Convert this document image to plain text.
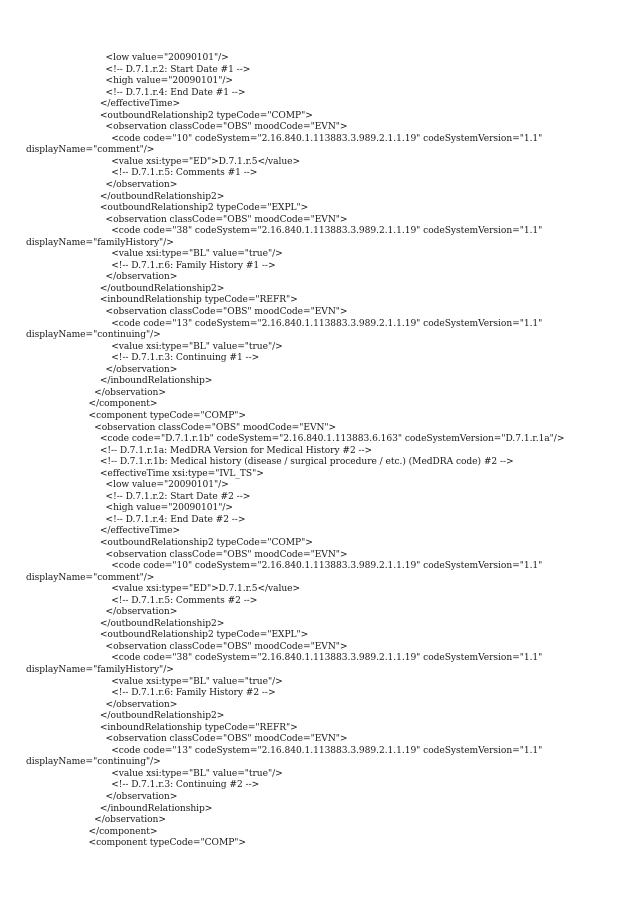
<low value="20090101"/>
<!-- D.7.1.r.2: Start Date #1 -->
<high value="20090101"/>
<!-- D.7.1.r.4: End Date #1 -->
</effectiveTime>
<outboundRelationship2 typeCode="COMP">
<observation classCode="OBS" moodCode="EVN">
<code code="10" codeSystem="2.16.840.1.113883.3.989.2.1.1.19" codeSystemVersion="1.1"
displayName="comment"/>
<value xsi:type="ED">D.7.1.r.5</value>
<!-- D.7.1.r.5: Comments #1 -->
</observation>
</outboundRelationship2>
<outboundRelationship2 typeCode="EXPL">
<observation classCode="OBS" moodCode="EVN">
<code code="38" codeSystem="2.16.840.1.113883.3.989.2.1.1.19" codeSystemVersion="1.1"
displayName="familyHistory"/>
<value xsi:type="BL" value="true"/>
<!-- D.7.1.r.6: Family History #1 -->
</observation>
</outboundRelationship2>
<inboundRelationship typeCode="REFR">
<observation classCode="OBS" moodCode="EVN">
<code code="13" codeSystem="2.16.840.1.113883.3.989.2.1.1.19" codeSystemVersion="1.1"
displayName="continuing"/>
<value xsi:type="BL" value="true"/>
<!-- D.7.1.r.3: Continuing #1 -->
</observation>
</inboundRelationship>
</observation>
</component>
<component typeCode="COMP">
<observation classCode="OBS" moodCode="EVN">
<code code="D.7.1.r.1b" codeSystem="2.16.840.1.113883.6.163" codeSystemVersion="D.7.1.r.1a"/>
<!-- D.7.1.r.1a: MedDRA Version for Medical History #2 -->
<!-- D.7.1.r.1b: Medical history (disease / surgical procedure / etc.) (MedDRA code) #2 -->
<effectiveTime xsi:type="IVL_TS">
<low value="20090101"/>
<!-- D.7.1.r.2: Start Date #2 -->
<high value="20090101"/>
<!-- D.7.1.r.4: End Date #2 -->
</effectiveTime>
<outboundRelationship2 typeCode="COMP">
<observation classCode="OBS" moodCode="EVN">
<code code="10" codeSystem="2.16.840.1.113883.3.989.2.1.1.19" codeSystemVersion="1.1"
displayName="comment"/>
<value xsi:type="ED">D.7.1.r.5</value>
<!-- D.7.1.r.5: Comments #2 -->
</observation>
</outboundRelationship2>
<outboundRelationship2 typeCode="EXPL">
<observation classCode="OBS" moodCode="EVN">
<code code="38" codeSystem="2.16.840.1.113883.3.989.2.1.1.19" codeSystemVersion="1.1"
displayName="familyHistory"/>
<value xsi:type="BL" value="true"/>
<!-- D.7.1.r.6: Family History #2 -->
</observation>
</outboundRelationship2>
<inboundRelationship typeCode="REFR">
<observation classCode="OBS" moodCode="EVN">
<code code="13" codeSystem="2.16.840.1.113883.3.989.2.1.1.19" codeSystemVersion="1.1"
displayName="continuing"/>
<value xsi:type="BL" value="true"/>
<!-- D.7.1.r.3: Continuing #2 -->
</observation>
</inboundRelationship>
</observation>
</component>
<component typeCode="COMP">
